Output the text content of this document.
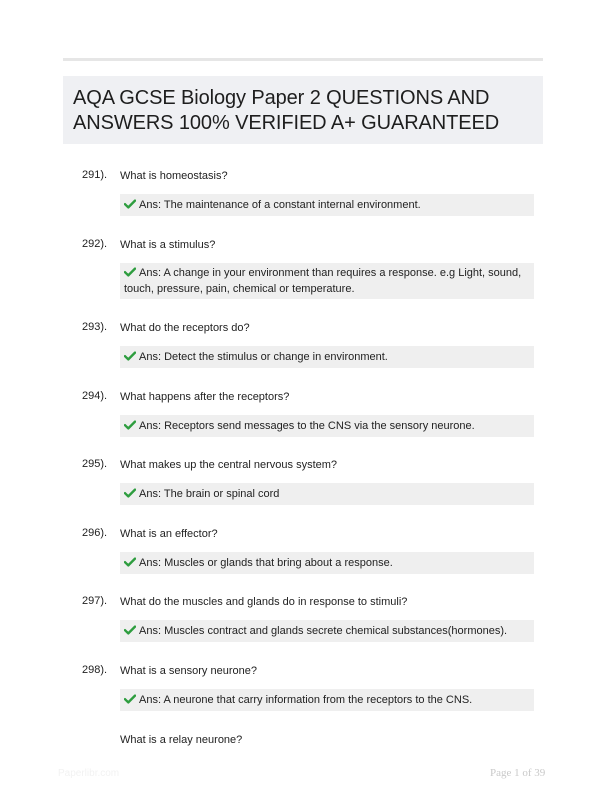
AQA GCSE Biology Paper 2 QUESTIONS AND
ANSWERS 100% VERIFIED A+ GUARANTEED
291). What is homeostasis?
Ans: The maintenance of a constant internal environment.
292). What is a stimulus?
Ans: A change in your environment than requires a response. e.g Light, sound, touch, pressure, pain, chemical or temperature.
293). What do the receptors do?
Ans: Detect the stimulus or change in environment.
294). What happens after the receptors?
Ans: Receptors send messages to the CNS via the sensory neurone.
295). What makes up the central nervous system?
Ans: The brain or spinal cord
296). What is an effector?
Ans: Muscles or glands that bring about a response.
297). What do the muscles and glands do in response to stimuli?
Ans: Muscles contract and glands secrete chemical substances(hormones).
298). What is a sensory neurone?
Ans: A neurone that carry information from the receptors to the CNS.
What is a relay neurone?
Paperlibr.com	Page 1 of 39
